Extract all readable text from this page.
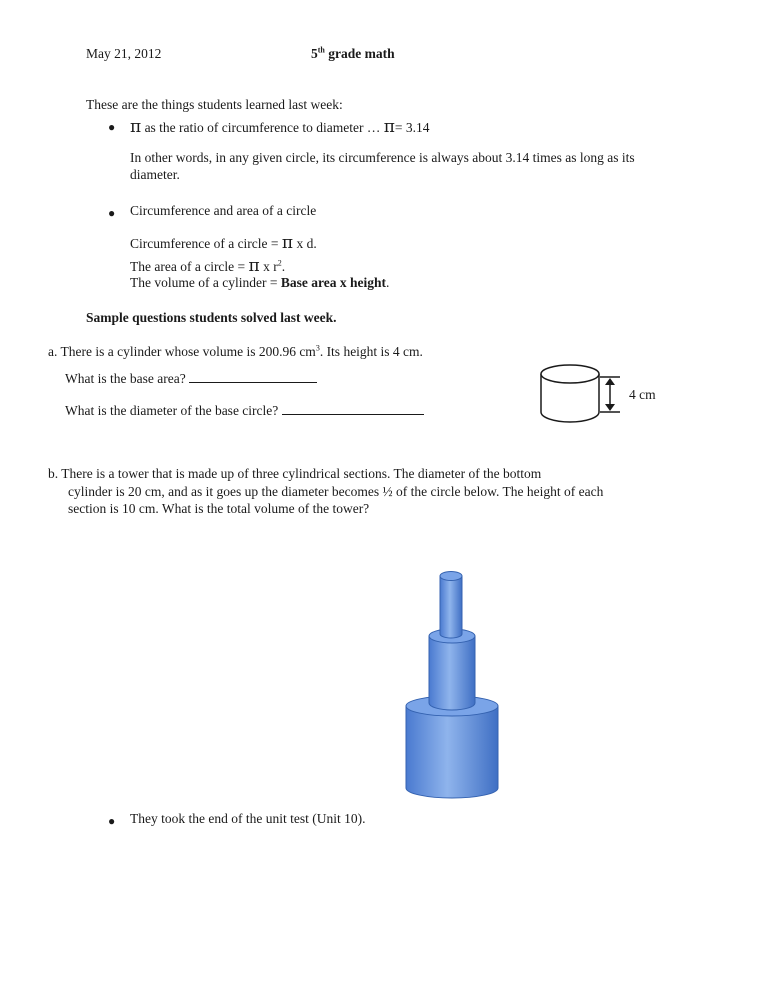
May 21, 2012	5th grade math
These are the things students learned last week:
● π as the ratio of circumference to diameter … π= 3.14
In other words, in any given circle, its circumference is always about 3.14 times as long as its
diameter.
● Circumference and area of a circle
Circumference of a circle = π x d.
The area of a circle = π x $r^2$.
The volume of a cylinder = Base area x height.
Sample questions students solved last week.
a. There is a cylinder whose volume is 200.96 $cm^3$. Its height is 4 cm.
What is the base area?
What is the diameter of the base circle?
4 cm
b. There is a tower that is made up of three cylindrical sections. The diameter of the bottom
cylinder is 20 cm, and as it goes up the diameter becomes ½ of the circle below. The height of each
section is 10 cm. What is the total volume of the tower?
● They took the end of the unit test (Unit 10).
